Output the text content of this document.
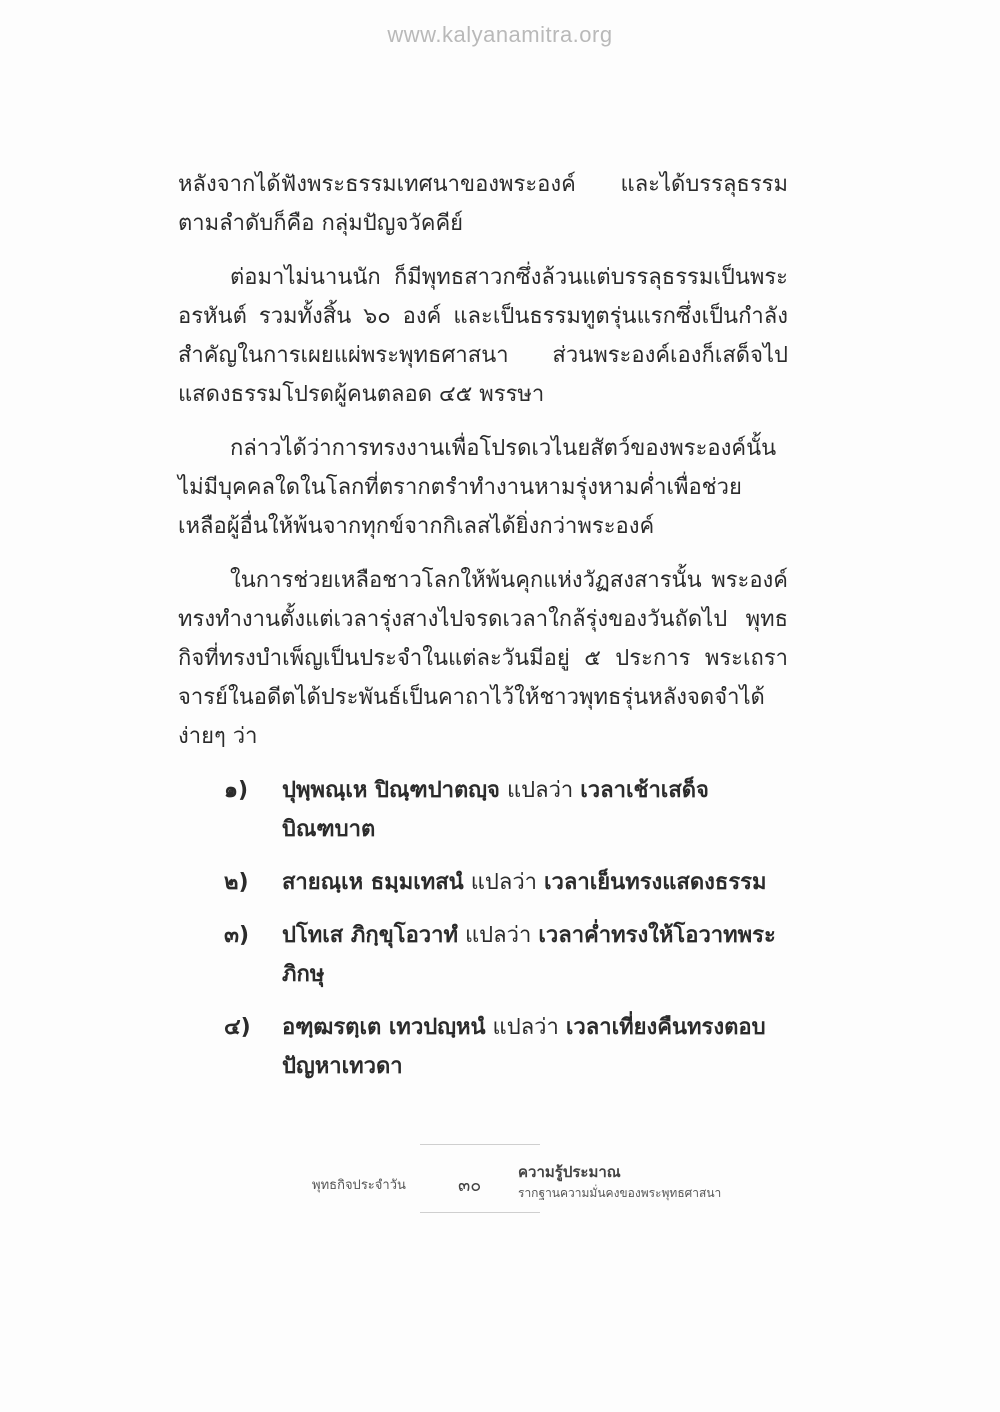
www.kalyanamitra.org

หลังจากได้ฟังพระธรรมเทศนาของพระองค์ และได้บรรลุธรรมตามลำดับก็คือ กลุ่มปัญจวัคคีย์

ต่อมาไม่นานนัก ก็มีพุทธสาวกซึ่งล้วนแต่บรรลุธรรมเป็นพระอรหันต์ รวมทั้งสิ้น ๖๐ องค์ และเป็นธรรมทูตรุ่นแรกซึ่งเป็นกำลังสำคัญในการเผยแผ่พระพุทธศาสนา ส่วนพระองค์เองก็เสด็จไปแสดงธรรมโปรดผู้คนตลอด ๔๕ พรรษา

กล่าวได้ว่าการทรงงานเพื่อโปรดเวไนยสัตว์ของพระองค์นั้นไม่มีบุคคลใดในโลกที่ตรากตรำทำงานหามรุ่งหามค่ำเพื่อช่วยเหลือผู้อื่นให้พ้นจากทุกข์จากกิเลสได้ยิ่งกว่าพระองค์

ในการช่วยเหลือชาวโลกให้พ้นคุกแห่งวัฏสงสารนั้น พระองค์ทรงทำงานตั้งแต่เวลารุ่งสางไปจรดเวลาใกล้รุ่งของวันถัดไป พุทธกิจที่ทรงบำเพ็ญเป็นประจำในแต่ละวันมีอยู่ ๕ ประการ พระเถราจารย์ในอดีตได้ประพันธ์เป็นคาถาไว้ให้ชาวพุทธรุ่นหลังจดจำได้ง่ายๆ ว่า

๑)	ปุพฺพณฺเห ปิณฺฑปาตญฺจ แปลว่า เวลาเช้าเสด็จบิณฑบาต
๒)	สายณฺเห ธมฺมเทสนํ แปลว่า เวลาเย็นทรงแสดงธรรม
๓)	ปโทเส ภิกฺขุโอวาทํ แปลว่า เวลาค่ำทรงให้โอวาทพระภิกษุ
๔)	อฑฺฒรตฺเต เทวปญฺหนํ แปลว่า เวลาเที่ยงคืนทรงตอบปัญหาเทวดา
พุทธกิจประจำวัน	๓๐
ความรู้ประมาณ
รากฐานความมั่นคงของพระพุทธศาสนา
